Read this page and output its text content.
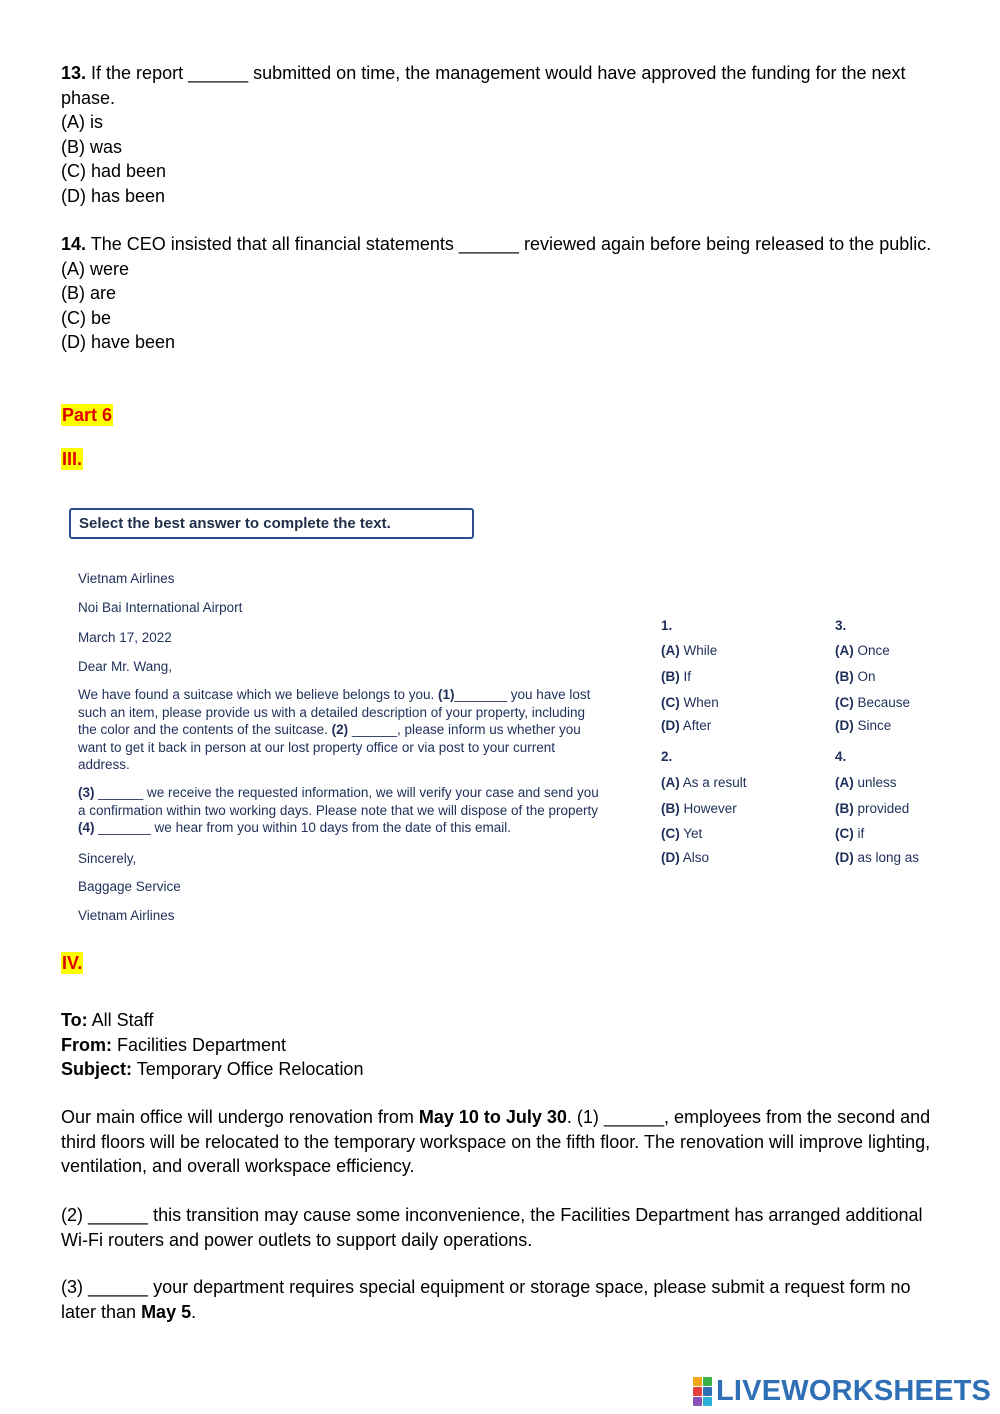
13. If the report ______ submitted on time, the management would have approved the funding for the next phase.
(A) is
(B) was
(C) had been
(D) has been
14. The CEO insisted that all financial statements ______ reviewed again before being released to the public.
(A) were
(B) are
(C) be
(D) have been
Part 6
III.
Select the best answer to complete the text.
Vietnam Airlines
Noi Bai International Airport
March 17, 2022
Dear Mr. Wang,
We have found a suitcase which we believe belongs to you. (1)_______ you have lost such an item, please provide us with a detailed description of your property, including the color and the contents of the suitcase. (2) ______, please inform us whether you want to get it back in person at our lost property office or via post to your current address.
(3) ______ we receive the requested information, we will verify your case and send you a confirmation within two working days. Please note that we will dispose of the property (4) _______ we hear from you within 10 days from the date of this email.
Sincerely,
Baggage Service
Vietnam Airlines
1.
(A) While
(B) If
(C) When
(D) After
2.
(A) As a result
(B) However
(C) Yet
(D) Also
3.
(A) Once
(B) On
(C) Because
(D) Since
4.
(A) unless
(B) provided
(C) if
(D) as long as
IV.
To: All Staff
From: Facilities Department
Subject: Temporary Office Relocation
Our main office will undergo renovation from May 10 to July 30. (1) ______, employees from the second and third floors will be relocated to the temporary workspace on the fifth floor. The renovation will improve lighting, ventilation, and overall workspace efficiency.
(2) ______ this transition may cause some inconvenience, the Facilities Department has arranged additional Wi-Fi routers and power outlets to support daily operations.
(3) ______ your department requires special equipment or storage space, please submit a request form no later than May 5.
LIVEWORKSHEETS
